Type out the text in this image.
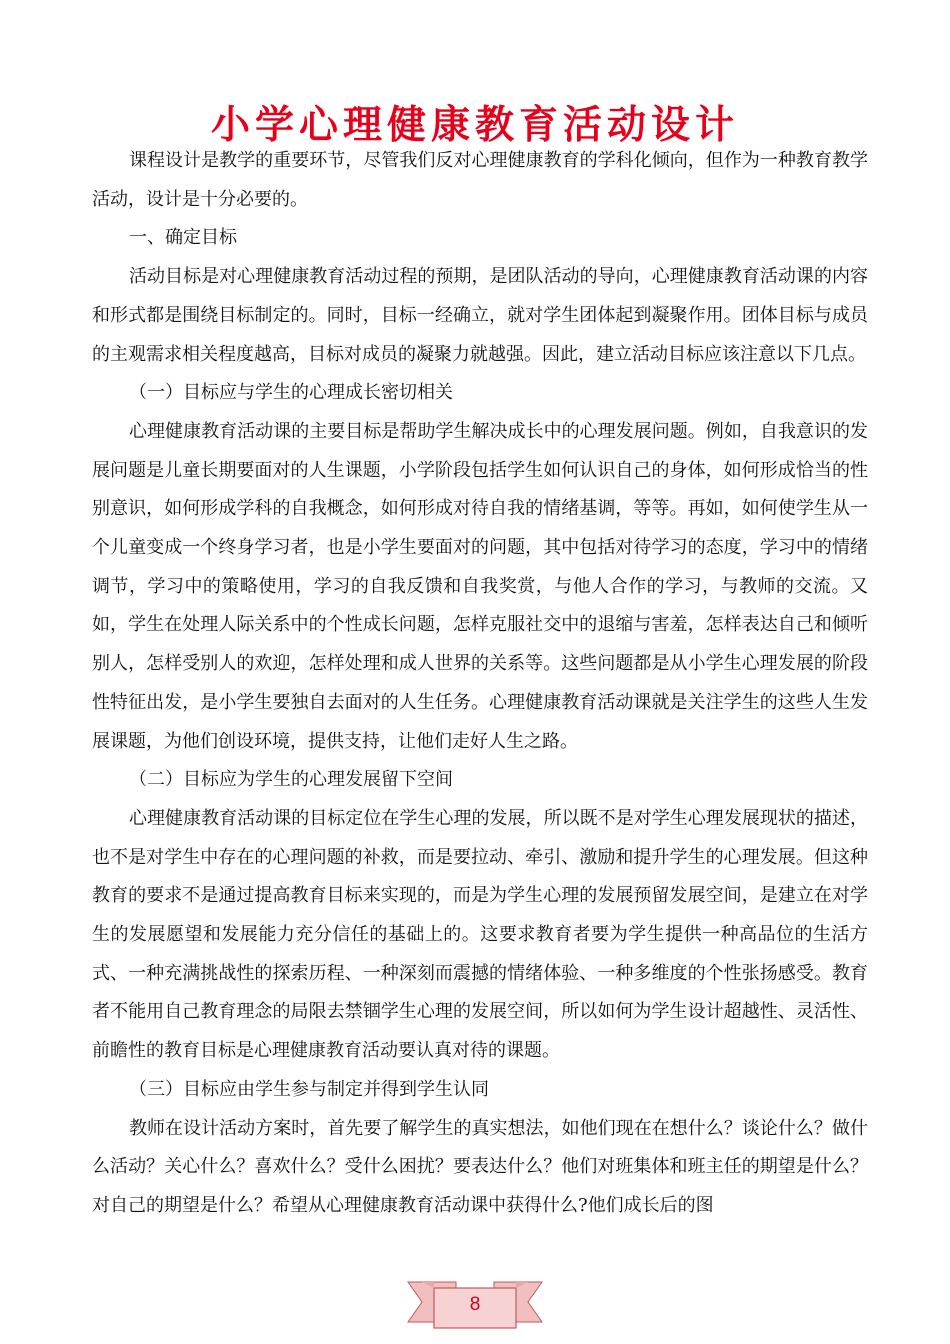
小学心理健康教育活动设计

课程设计是教学的重要环节，尽管我们反对心理健康教育的学科化倾向，但作为一种教育教学活动，设计是十分必要的。

一、确定目标

活动目标是对心理健康教育活动过程的预期，是团队活动的导向，心理健康教育活动课的内容和形式都是围绕目标制定的。同时，目标一经确立，就对学生团体起到凝聚作用。团体目标与成员的主观需求相关程度越高，目标对成员的凝聚力就越强。因此，建立活动目标应该注意以下几点。

（一）目标应与学生的心理成长密切相关

心理健康教育活动课的主要目标是帮助学生解决成长中的心理发展问题。例如，自我意识的发展问题是儿童长期要面对的人生课题，小学阶段包括学生如何认识自己的身体，如何形成恰当的性别意识，如何形成学科的自我概念，如何形成对待自我的情绪基调，等等。再如，如何使学生从一个儿童变成一个终身学习者，也是小学生要面对的问题，其中包括对待学习的态度，学习中的情绪调节，学习中的策略使用，学习的自我反馈和自我奖赏，与他人合作的学习，与教师的交流。又如，学生在处理人际关系中的个性成长问题，怎样克服社交中的退缩与害羞，怎样表达自己和倾听别人，怎样受别人的欢迎，怎样处理和成人世界的关系等。这些问题都是从小学生心理发展的阶段性特征出发，是小学生要独自去面对的人生任务。心理健康教育活动课就是关注学生的这些人生发展课题，为他们创设环境，提供支持，让他们走好人生之路。

（二）目标应为学生的心理发展留下空间

心理健康教育活动课的目标定位在学生心理的发展，所以既不是对学生心理发展现状的描述，也不是对学生中存在的心理问题的补救，而是要拉动、牵引、激励和提升学生的心理发展。但这种教育的要求不是通过提高教育目标来实现的，而是为学生心理的发展预留发展空间，是建立在对学生的发展愿望和发展能力充分信任的基础上的。这要求教育者要为学生提供一种高品位的生活方式、一种充满挑战性的探索历程、一种深刻而震撼的情绪体验、一种多维度的个性张扬感受。教育者不能用自己教育理念的局限去禁锢学生心理的发展空间，所以如何为学生设计超越性、灵活性、前瞻性的教育目标是心理健康教育活动要认真对待的课题。

（三）目标应由学生参与制定并得到学生认同

教师在设计活动方案时，首先要了解学生的真实想法，如他们现在在想什么？谈论什么？做什么活动？关心什么？喜欢什么？受什么困扰？要表达什么？他们对班集体和班主任的期望是什么？对自己的期望是什么？希望从心理健康教育活动课中获得什么?他们成长后的图

8
